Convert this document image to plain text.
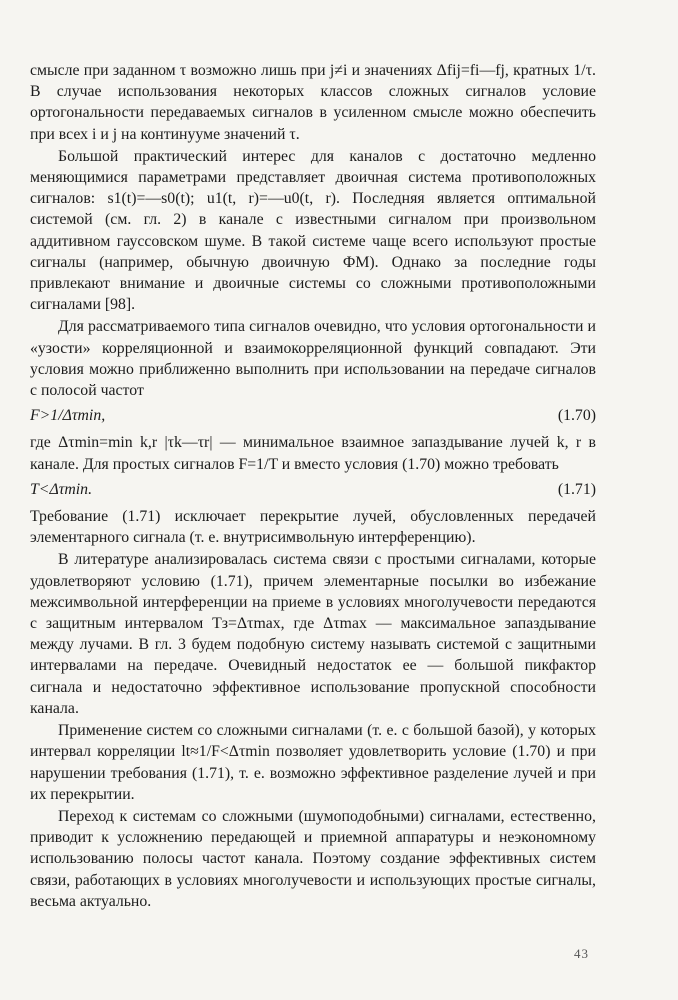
смысле при заданном τ возможно лишь при j≠i и значениях Δfij=fi—fj, кратных 1/τ. В случае использования некоторых классов сложных сигналов условие ортогональности передаваемых сигналов в усиленном смысле можно обеспечить при всех i и j на континууме значений τ.

Большой практический интерес для каналов с достаточно медленно меняющимися параметрами представляет двоичная система противоположных сигналов: s1(t)=—s0(t); u1(t, r)=—u0(t, r). Последняя является оптимальной системой (см. гл. 2) в канале с известными сигналом при произвольном аддитивном гауссовском шуме. В такой системе чаще всего используют простые сигналы (например, обычную двоичную ФМ). Однако за последние годы привлекают внимание и двоичные системы со сложными противоположными сигналами [98].

Для рассматриваемого типа сигналов очевидно, что условия ортогональности и «узости» корреляционной и взаимокорреляционной функций совпадают. Эти условия можно приближенно выполнить при использовании на передаче сигналов с полосой частот

F>1/Δτmin,	(1.70)

где Δτmin=min k,r |τk—τr| — минимальное взаимное запаздывание лучей k, r в канале. Для простых сигналов F=1/T и вместо условия (1.70) можно требовать

T<Δτmin.	(1.71)

Требование (1.71) исключает перекрытие лучей, обусловленных передачей элементарного сигнала (т. е. внутрисимвольную интерференцию).

В литературе анализировалась система связи с простыми сигналами, которые удовлетворяют условию (1.71), причем элементарные посылки во избежание межсимвольной интерференции на приеме в условиях многолучевости передаются с защитным интервалом Tз=Δτmax, где Δτmax — максимальное запаздывание между лучами. В гл. 3 будем подобную систему называть системой с защитными интервалами на передаче. Очевидный недостаток ее — большой пикфактор сигнала и недостаточно эффективное использование пропускной способности канала.

Применение систем со сложными сигналами (т. е. с большой базой), у которых интервал корреляции lt≈1/F<Δτmin позволяет удовлетворить условие (1.70) и при нарушении требования (1.71), т. е. возможно эффективное разделение лучей и при их перекрытии.

Переход к системам со сложными (шумоподобными) сигналами, естественно, приводит к усложнению передающей и приемной аппаратуры и неэкономному использованию полосы частот канала. Поэтому создание эффективных систем связи, работающих в условиях многолучевости и использующих простые сигналы, весьма актуально.

43
